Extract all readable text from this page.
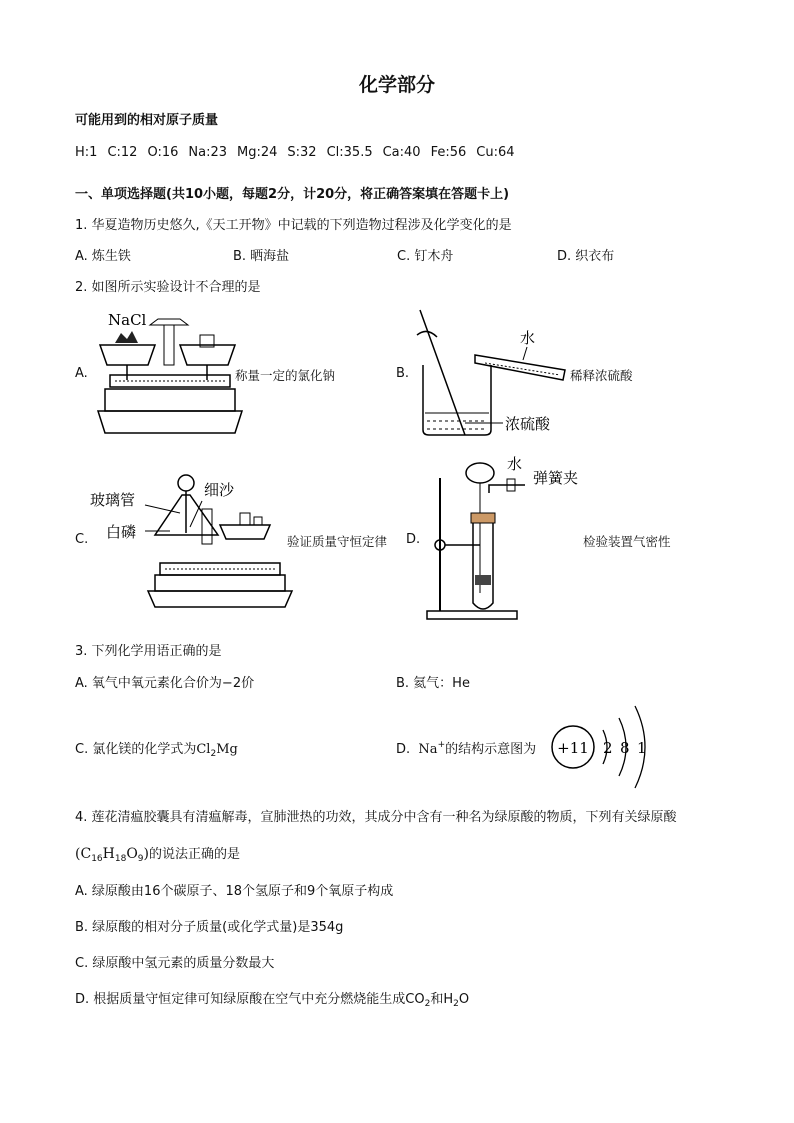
化学部分
可能用到的相对原子质量
H:1 C:12 O:16 Na:23 Mg:24 S:32 Cl:35.5 Ca:40 Fe:56 Cu:64
一、单项选择题(共10小题，每题2分，计20分，将正确答案填在答题卡上)
1. 华夏造物历史悠久,《天工开物》中记载的下列造物过程涉及化学变化的是
A. 炼生铁	B. 晒海盐	C. 钉木舟	D. 织衣布
2. 如图所示实验设计不合理的是
A.
NaCl
称量一定的氯化钠	B.
水
浓硫酸
稀释浓硫酸
C.
玻璃管
细沙
白磷
验证质量守恒定律 D.
水
弹簧夹
检验装置气密性
3. 下列化学用语正确的是
A. 氧气中氧元素化合价为−2价	B. 氦气：He
C. 氯化镁的化学式为$Cl_2Mg$	D. Na+的结构示意图为 +11 2 8 1
4. 莲花清瘟胶囊具有清瘟解毒，宣肺泄热的功效，其成分中含有一种名为绿原酸的物质，下列有关绿原酸
$(C_{16}H_{18}O_9)$的说法正确的是
A. 绿原酸由16个碳原子、18个氢原子和9个氧原子构成
B. 绿原酸的相对分子质量(或化学式量)是354g
C. 绿原酸中氢元素的质量分数最大
D. 根据质量守恒定律可知绿原酸在空气中充分燃烧能生成$CO_2$和$H_2O$
